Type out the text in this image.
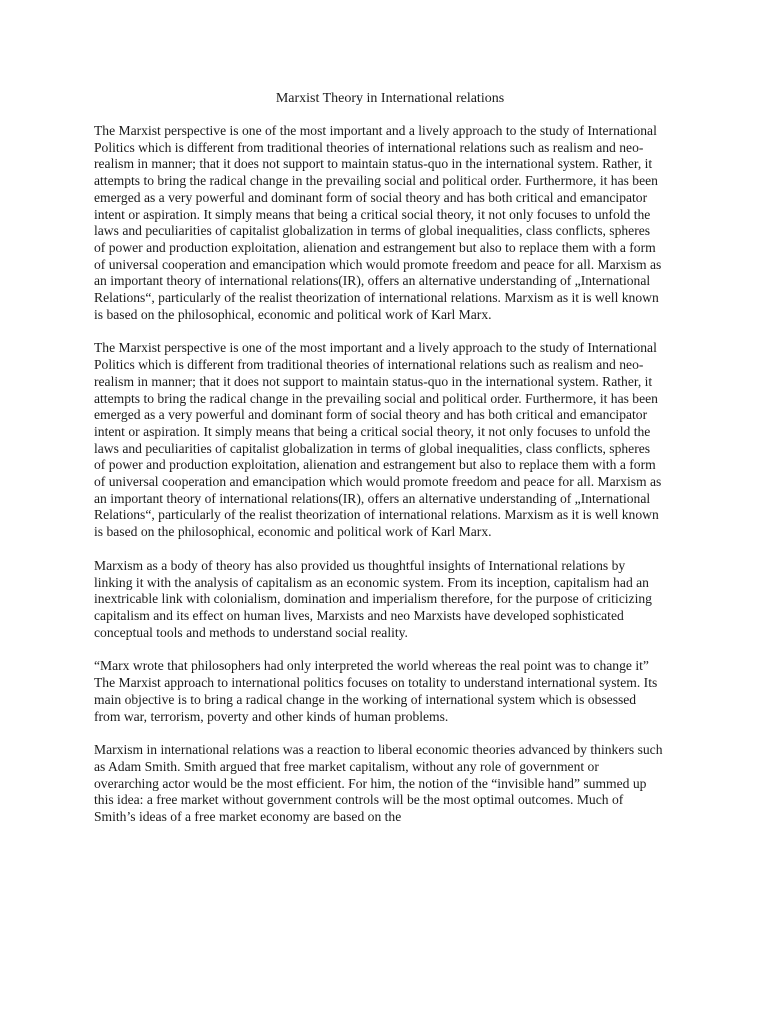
Marxist Theory in International relations

The Marxist perspective is one of the most important and a lively approach to the study of International Politics which is different from traditional theories of international relations such as realism and neo-realism in manner; that it does not support to maintain status-quo in the international system. Rather, it attempts to bring the radical change in the prevailing social and political order. Furthermore, it has been emerged as a very powerful and dominant form of social theory and has both critical and emancipator intent or aspiration. It simply means that being a critical social theory, it not only focuses to unfold the laws and peculiarities of capitalist globalization in terms of global inequalities, class conflicts, spheres of power and production exploitation, alienation and estrangement but also to replace them with a form of universal cooperation and emancipation which would promote freedom and peace for all. Marxism as an important theory of international relations(IR), offers an alternative understanding of „International Relations“, particularly of the realist theorization of international relations. Marxism as it is well known is based on the philosophical, economic and political work of Karl Marx.

The Marxist perspective is one of the most important and a lively approach to the study of International Politics which is different from traditional theories of international relations such as realism and neo-realism in manner; that it does not support to maintain status-quo in the international system. Rather, it attempts to bring the radical change in the prevailing social and political order. Furthermore, it has been emerged as a very powerful and dominant form of social theory and has both critical and emancipator intent or aspiration. It simply means that being a critical social theory, it not only focuses to unfold the laws and peculiarities of capitalist globalization in terms of global inequalities, class conflicts, spheres of power and production exploitation, alienation and estrangement but also to replace them with a form of universal cooperation and emancipation which would promote freedom and peace for all. Marxism as an important theory of international relations(IR), offers an alternative understanding of „International Relations“, particularly of the realist theorization of international relations. Marxism as it is well known is based on the philosophical, economic and political work of Karl Marx.

Marxism as a body of theory has also provided us thoughtful insights of International relations by linking it with the analysis of capitalism as an economic system. From its inception, capitalism had an inextricable link with colonialism, domination and imperialism therefore, for the purpose of criticizing capitalism and its effect on human lives, Marxists and neo Marxists have developed sophisticated conceptual tools and methods to understand social reality.

“Marx wrote that philosophers had only interpreted the world whereas the real point was to change it” The Marxist approach to international politics focuses on totality to understand international system. Its main objective is to bring a radical change in the working of international system which is obsessed from war, terrorism, poverty and other kinds of human problems.

Marxism in international relations was a reaction to liberal economic theories advanced by thinkers such as Adam Smith. Smith argued that free market capitalism, without any role of government or overarching actor would be the most efficient. For him, the notion of the “invisible hand” summed up this idea: a free market without government controls will be the most optimal outcomes. Much of Smith’s ideas of a free market economy are based on the
